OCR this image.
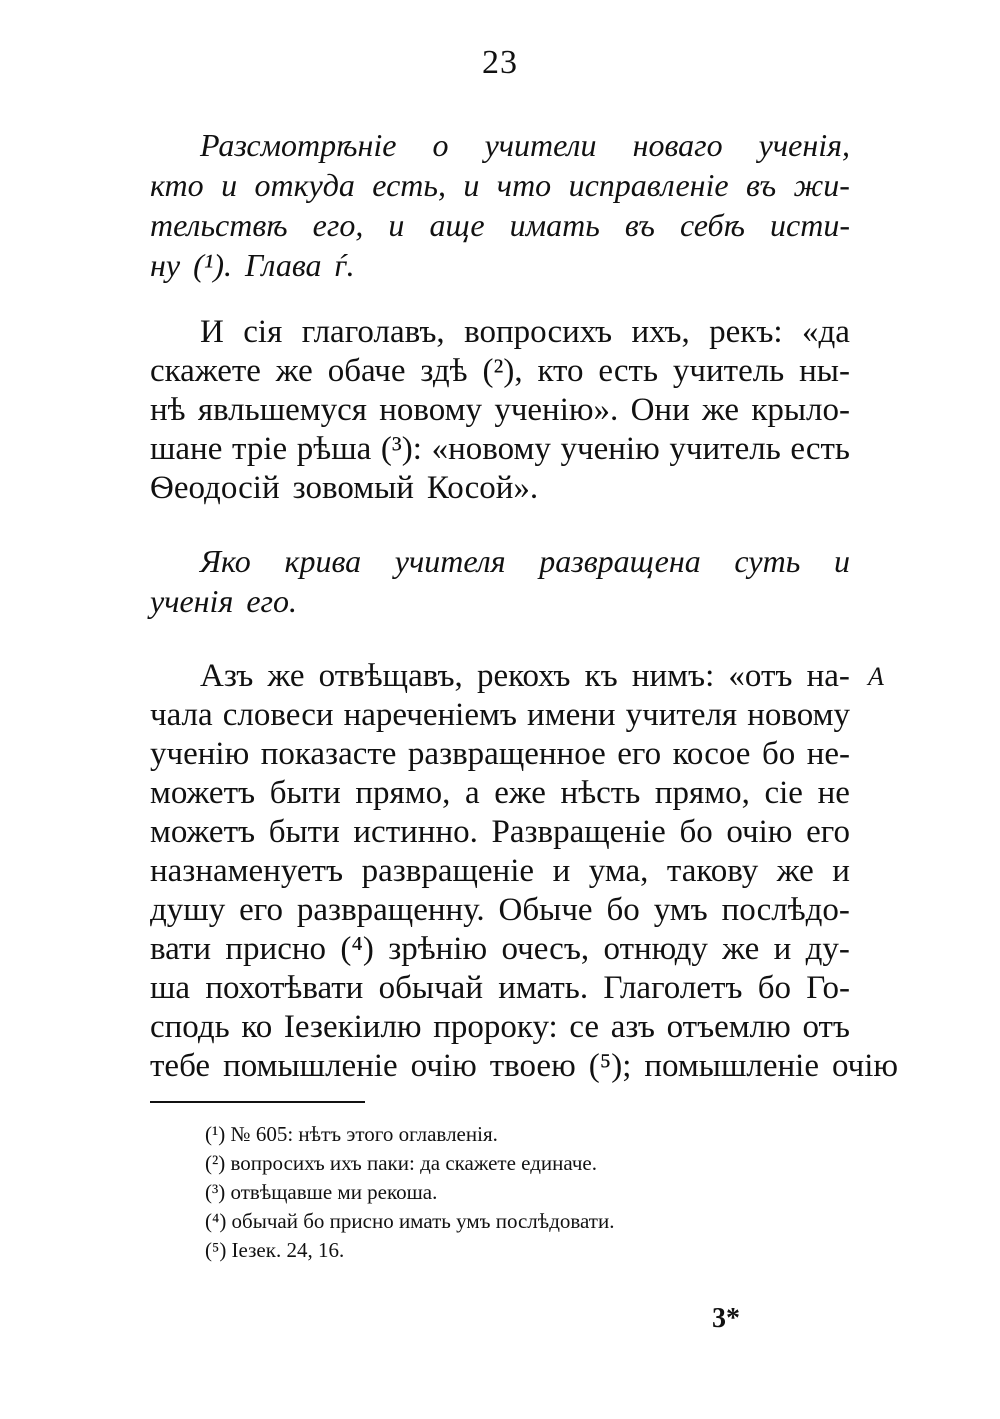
23
Разсмотрѣніе о учители новаго ученія,
кто и откуда есть, и что исправленіе въ жи-
тельствѣ его, и аще имать въ себѣ исти-
ну (¹). Глава ѓ.
И сія глаголавъ, вопросихъ ихъ, рекъ: «да
скажете же обаче здѣ (²), кто есть учитель ны-
нѣ явльшемуся новому ученію». Они же крыло-
шане тріе рѣша (³): «новому ученію учитель есть
Ѳеодосій зовомый Косой».
Яко крива учителя развращена суть и
ученія его.
А
Азъ же отвѣщавъ, рекохъ къ нимъ: «отъ на-
чала словеси нареченіемъ имени учителя новому
ученію показасте развращенное его косое бо не-
можетъ быти прямо, а еже нѣсть прямо, сіе не
можетъ быти истинно. Развращеніе бо очію его
назнаменуетъ развращеніе и ума, такову же и
душу его развращенну. Обыче бо умъ послѣдо-
вати присно (⁴) зрѣнію очесъ, отнюду же и ду-
ша похотѣвати обычай имать. Глаголетъ бо Го-
сподь ко Іезекіилю пророку: се азъ отъемлю отъ
тебе помышленіе очію твоею (⁵); помышленіе очію
(¹) № 605: нѣтъ этого оглавленія.
(²) вопросихъ ихъ паки: да скажете единаче.
(³) отвѣщавше ми рекоша.
(⁴) обычай бо присно имать умъ послѣдовати.
(⁵) Iезек. 24, 16.
3*
